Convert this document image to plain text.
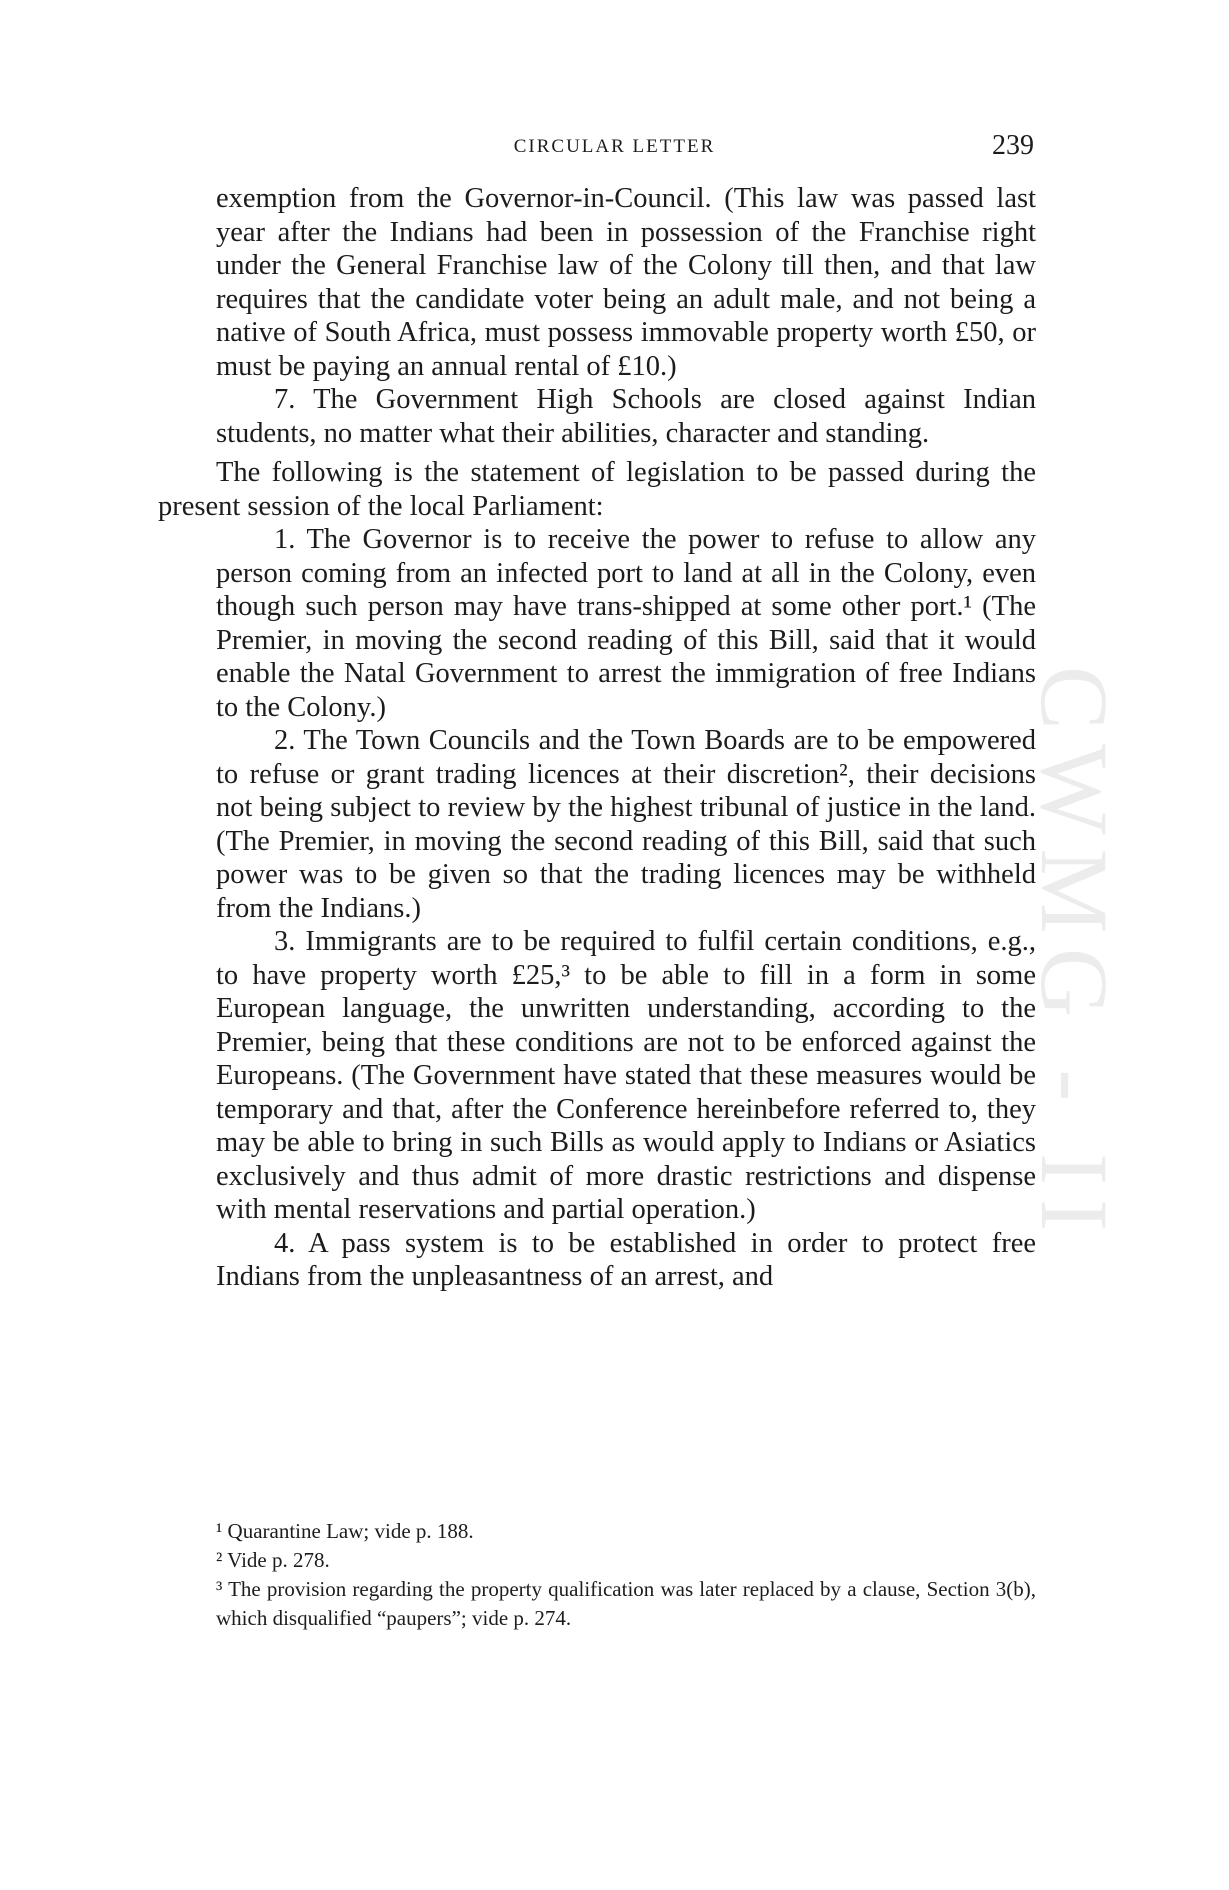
CIRCULAR LETTER	239

exemption from the Governor-in-Council. (This law was passed last year after the Indians had been in possession of the Franchise right under the General Franchise law of the Colony till then, and that law requires that the candidate voter being an adult male, and not being a native of South Africa, must possess immovable property worth £50, or must be paying an annual rental of £10.)

7. The Government High Schools are closed against Indian students, no matter what their abilities, character and standing.

The following is the statement of legislation to be passed during the present session of the local Parliament:

1. The Governor is to receive the power to refuse to allow any person coming from an infected port to land at all in the Colony, even though such person may have trans-shipped at some other port.¹ (The Premier, in moving the second reading of this Bill, said that it would enable the Natal Government to arrest the immigration of free Indians to the Colony.)

2. The Town Councils and the Town Boards are to be empowered to refuse or grant trading licences at their discretion², their decisions not being subject to review by the highest tribunal of justice in the land. (The Premier, in moving the second reading of this Bill, said that such power was to be given so that the trading licences may be withheld from the Indians.)

3. Immigrants are to be required to fulfil certain conditions, e.g., to have property worth £25,³ to be able to fill in a form in some European language, the unwritten understanding, according to the Premier, being that these conditions are not to be enforced against the Europeans. (The Government have stated that these measures would be temporary and that, after the Conference hereinbefore referred to, they may be able to bring in such Bills as would apply to Indians or Asiatics exclusively and thus admit of more drastic restrictions and dispense with mental reservations and partial operation.)

4. A pass system is to be established in order to protect free Indians from the unpleasantness of an arrest, and

¹ Quarantine Law; vide p. 188.

² Vide p. 278.

³ The provision regarding the property qualification was later replaced by a clause, Section 3(b), which disqualified “paupers”; vide p. 274.

CWMG - II
